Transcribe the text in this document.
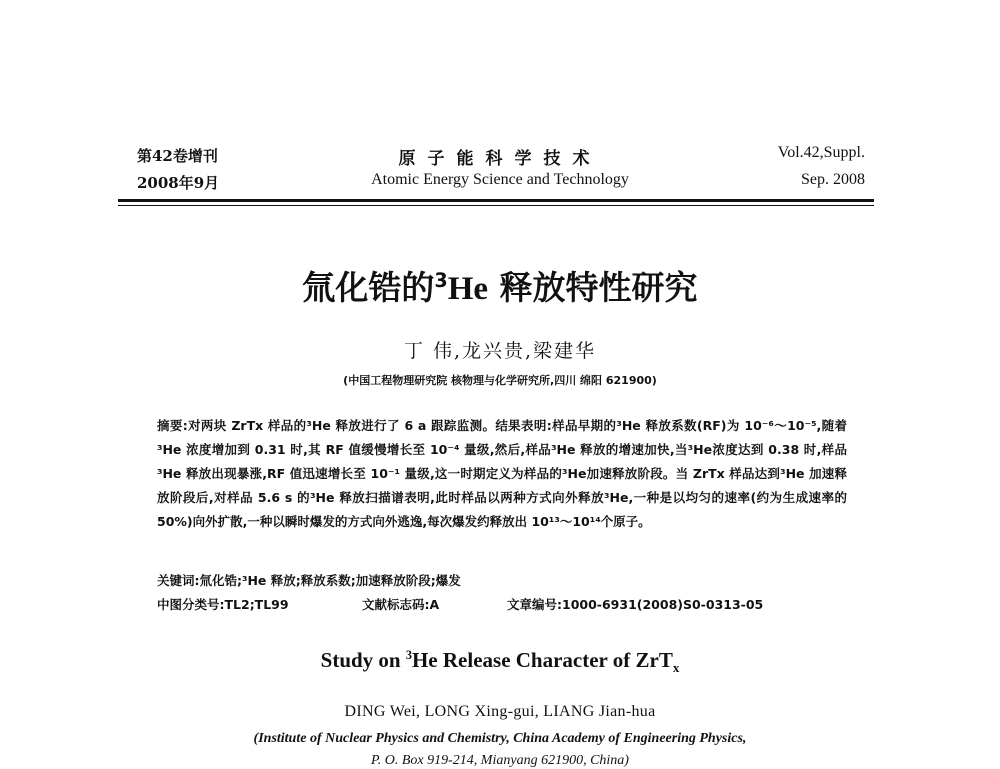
第42卷增刊
2008年9月
原子能科学技术
Atomic Energy Science and Technology
Vol.42,Suppl.
Sep. 2008
氚化锆的$^3$He 释放特性研究
丁 伟,龙兴贵,梁建华
(中国工程物理研究院 核物理与化学研究所,四川 绵阳 621900)
摘要:对两块 ZrTx 样品的³He 释放进行了 6 a 跟踪监测。结果表明:样品早期的³He 释放系数(RF)为 10⁻⁶～10⁻⁵,随着³He 浓度增加到 0.31 时,其 RF 值缓慢增长至 10⁻⁴ 量级,然后,样品³He 释放的增速加快,当³He浓度达到 0.38 时,样品³He 释放出现暴涨,RF 值迅速增长至 10⁻¹ 量级,这一时期定义为样品的³He加速释放阶段。当 ZrTx 样品达到³He 加速释放阶段后,对样品 5.6 s 的³He 释放扫描谱表明,此时样品以两种方式向外释放³He,一种是以均匀的速率(约为生成速率的 50%)向外扩散,一种以瞬时爆发的方式向外逃逸,每次爆发约释放出 10¹³～10¹⁴个原子。
关键词:氚化锆;³He 释放;释放系数;加速释放阶段;爆发
中图分类号:TL2;TL99	文献标志码:A	文章编号:1000-6931(2008)S0-0313-05
Study on $^3$He Release Character of ZrT$_x$
DING Wei, LONG Xing-gui, LIANG Jian-hua
(Institute of Nuclear Physics and Chemistry, China Academy of Engineering Physics,
P. O. Box 919-214, Mianyang 621900, China)
